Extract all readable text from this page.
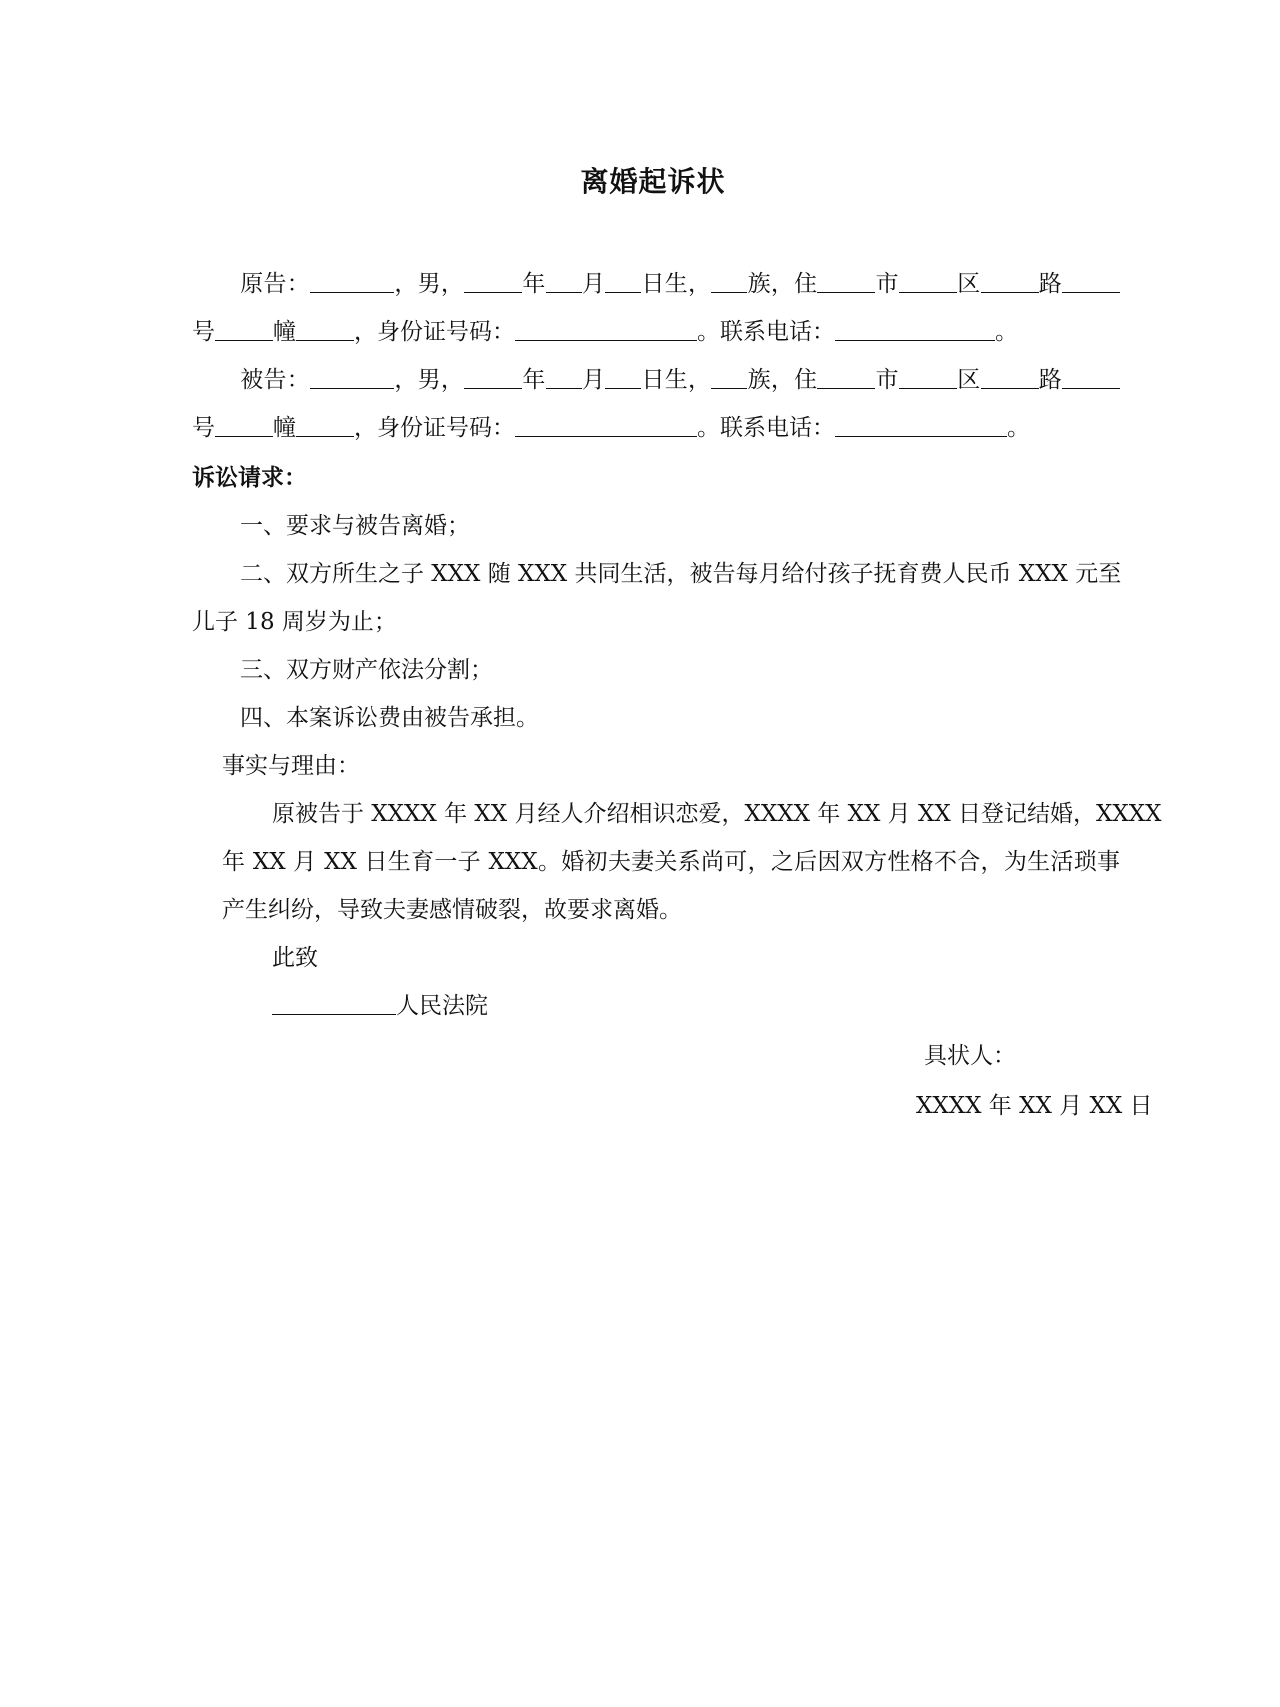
离婚起诉状
原告：	，男，	年 月 日生， 族，住	市	区	路
号	幢	，身份证号码：	。联系电话：	。
被告：	，男，	年 月 日生， 族，住	市	区	路
号	幢	，身份证号码：	。联系电话：	。
诉讼请求：
一、要求与被告离婚；
二、双方所生之子 XXX 随 XXX 共同生活，被告每月给付孩子抚育费人民币 XXX 元至
儿子 18 周岁为止；
三、双方财产依法分割；
四、本案诉讼费由被告承担。
事实与理由：
原被告于 XXXX 年 XX 月经人介绍相识恋爱，XXXX 年 XX 月 XX 日登记结婚，XXXX
年 XX 月 XX 日生育一子 XXX。婚初夫妻关系尚可，之后因双方性格不合，为生活琐事
产生纠纷，导致夫妻感情破裂，故要求离婚。
此致
人民法院
具状人：
XXXX 年 XX 月 XX 日
